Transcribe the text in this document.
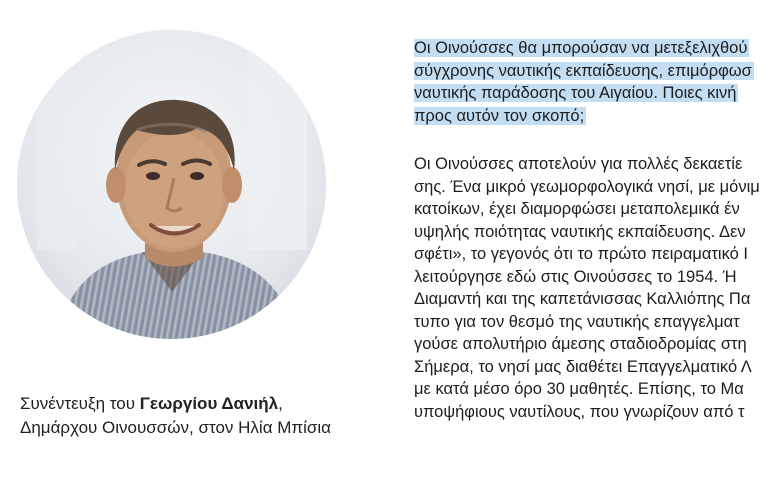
Συνέντευξη του Γεωργίου Δανιήλ,
Δημάρχου Οινουσσών, στον Ηλία Μπίσια
Οι Οινούσσες θα μπορούσαν να μετεξελιχθού
σύγχρονης ναυτικής εκπαίδευσης, επιμόρφωσ
ναυτικής παράδοσης του Αιγαίου. Ποιες κινή
προς αυτόν τον σκοπό;
Οι Οινούσσες αποτελούν για πολλές δεκαετίε
σης. Ένα μικρό γεωμορφολογικά νησί, με μόνιμ
κατοίκων, έχει διαμορφώσει μεταπολεμικά έν
υψηλής ποιότητας ναυτικής εκπαίδευσης. Δεν
σφέτι», το γεγονός ότι το πρώτο πειραματικό Ι
λειτούργησε εδώ στις Οινούσσες το 1954. Ή
Διαμαντή και της καπετάνισσας Καλλιόπης Πα
τυπο για τον θεσμό της ναυτικής επαγγελματ
γούσε απολυτήριο άμεσης σταδιοδρομίας στη
Σήμερα, το νησί μας διαθέτει Επαγγελματικό Λ
με κατά μέσο όρο 30 μαθητές. Επίσης, το Μα
υποψήφιους ναυτίλους, που γνωρίζουν από τ
